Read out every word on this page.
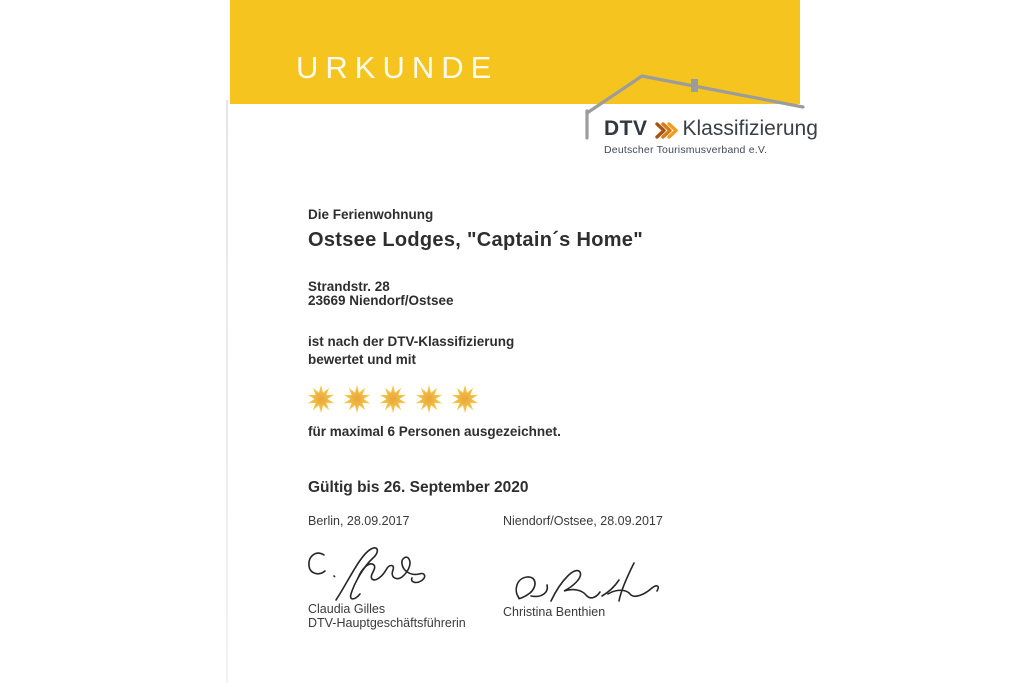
URKUNDE
DTV Klassifizierung
Deutscher Tourismusverband e.V.
Die Ferienwohnung
Ostsee Lodges, "Captain´s Home"
Strandstr. 28
23669 Niendorf/Ostsee
ist nach der DTV-Klassifizierung
bewertet und mit
für maximal 6 Personen ausgezeichnet.
Gültig bis 26. September 2020
Berlin, 28.09.2017	Niendorf/Ostsee, 28.09.2017
Claudia Gilles
DTV-Hauptgeschäftsführerin
Christina Benthien
